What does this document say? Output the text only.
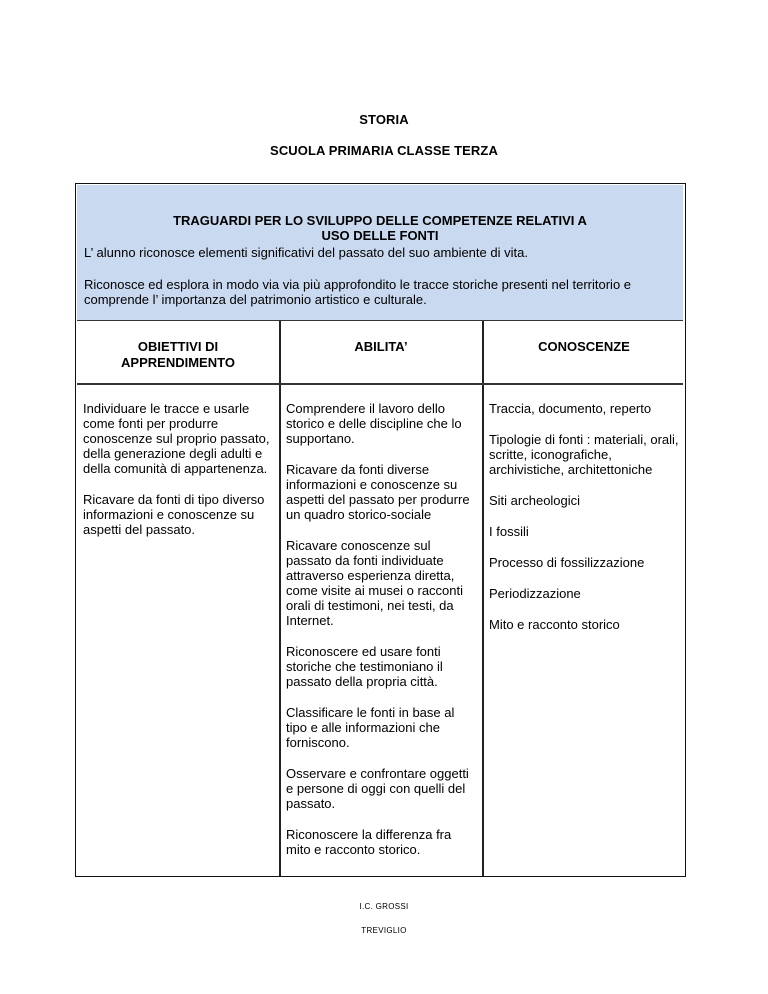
STORIA
SCUOLA PRIMARIA CLASSE TERZA
TRAGUARDI PER LO SVILUPPO DELLE COMPETENZE RELATIVI A
USO DELLE FONTI
L’ alunno riconosce elementi significativi del passato del suo ambiente di vita.
Riconosce ed esplora in modo via via più approfondito le tracce storiche presenti nel territorio e comprende l’ importanza del patrimonio artistico e culturale.
OBIETTIVI DI APPRENDIMENTO
ABILITA’	CONOSCENZE

Individuare le tracce e usarle come fonti per produrre conoscenze sul proprio passato, della generazione degli adulti e della comunità di appartenenza.

Ricavare da fonti di tipo diverso informazioni e conoscenze su aspetti del passato.

Comprendere il lavoro dello storico e delle discipline che lo supportano.

Ricavare da fonti diverse informazioni e conoscenze su aspetti del passato per produrre un quadro storico-sociale

Ricavare conoscenze sul passato da fonti individuate attraverso esperienza diretta, come visite ai musei o racconti orali di testimoni, nei testi, da Internet.

Riconoscere ed usare fonti storiche che testimoniano il passato della propria città.

Classificare le fonti in base al tipo e alle informazioni che forniscono.

Osservare e confrontare oggetti e persone di oggi con quelli del passato.

Riconoscere la differenza fra mito e racconto storico.

Traccia, documento, reperto

Tipologie di fonti : materiali, orali, scritte, iconografiche, archivistiche, architettoniche

Siti archeologici

I fossili

Processo di fossilizzazione

Periodizzazione

Mito e racconto storico

I.C. GROSSI
TREVIGLIO
